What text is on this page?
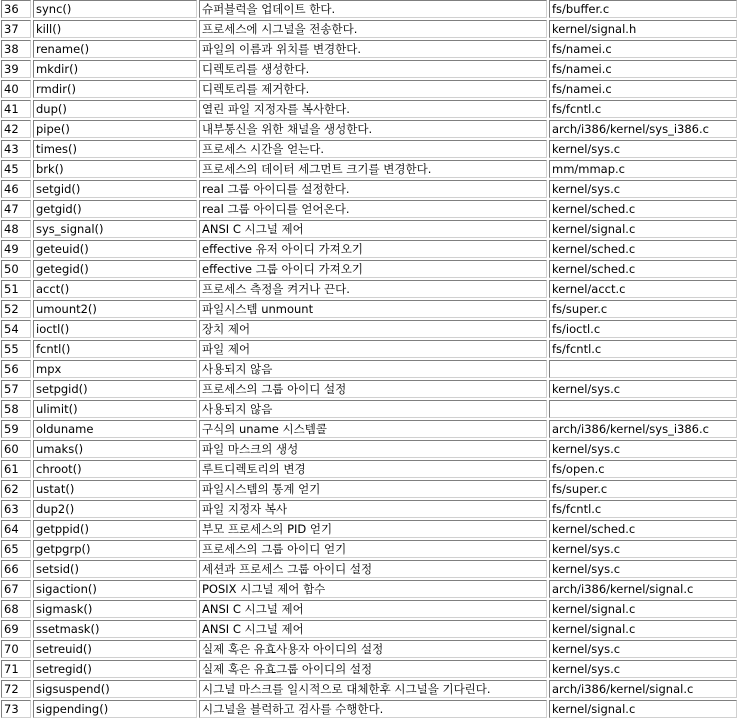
36	sync()	슈퍼블럭을 업데이트 한다.	fs/buffer.c
37	kill()	프로세스에 시그널을 전송한다.	kernel/signal.h
38	rename()	파일의 이름과 위치를 변경한다.	fs/namei.c
39	mkdir()	디렉토리를 생성한다.	fs/namei.c
40	rmdir()	디렉토리를 제거한다.	fs/namei.c
41	dup()	열린 파일 지정자를 복사한다.	fs/fcntl.c
42	pipe()	내부통신을 위한 채널을 생성한다.	arch/i386/kernel/sys_i386.c
43	times()	프로세스 시간을 얻는다.	kernel/sys.c
45	brk()	프로세스의 데이터 세그먼트 크기를 변경한다.	mm/mmap.c
46	setgid()	real 그룹 아이디를 설정한다.	kernel/sys.c
47	getgid()	real 그룹 아이디를 얻어온다.	kernel/sched.c
48	sys_signal()	ANSI C 시그널 제어	kernel/signal.c
49	geteuid()	effective 유저 아이디 가져오기	kernel/sched.c
50	getegid()	effective 그룹 아이디 가져오기	kernel/sched.c
51	acct()	프로세스 측정을 켜거나 끈다.	kernel/acct.c
52	umount2()	파일시스템 unmount	fs/super.c
54	ioctl()	장치 제어	fs/ioctl.c
55	fcntl()	파일 제어	fs/fcntl.c
56	mpx	사용되지 않음	
57	setpgid()	프로세스의 그룹 아이디 설정	kernel/sys.c
58	ulimit()	사용되지 않음	
59	olduname	구식의 uname 시스템콜	arch/i386/kernel/sys_i386.c
60	umaks()	파일 마스크의 생성	kernel/sys.c
61	chroot()	루트디렉토리의 변경	fs/open.c
62	ustat()	파일시스템의 통계 얻기	fs/super.c
63	dup2()	파일 지정자 복사	fs/fcntl.c
64	getppid()	부모 프로세스의 PID 얻기	kernel/sched.c
65	getpgrp()	프로세스의 그룹 아이디 얻기	kernel/sys.c
66	setsid()	세션과 프로세스 그룹 아이디 설정	kernel/sys.c
67	sigaction()	POSIX 시그널 제어 함수	arch/i386/kernel/signal.c
68	sigmask()	ANSI C 시그널 제어	kernel/signal.c
69	ssetmask()	ANSI C 시그널 제어	kernel/signal.c
70	setreuid()	실제 혹은 유효사용자 아이디의 설정	kernel/sys.c
71	setregid()	실제 혹은 유효그룹 아이디의 설정	kernel/sys.c
72	sigsuspend()	시그널 마스크를 일시적으로 대체한후 시그널을 기다린다.	arch/i386/kernel/signal.c
73	sigpending()	시그널을 블럭하고 검사를 수행한다.	kernel/signal.c
